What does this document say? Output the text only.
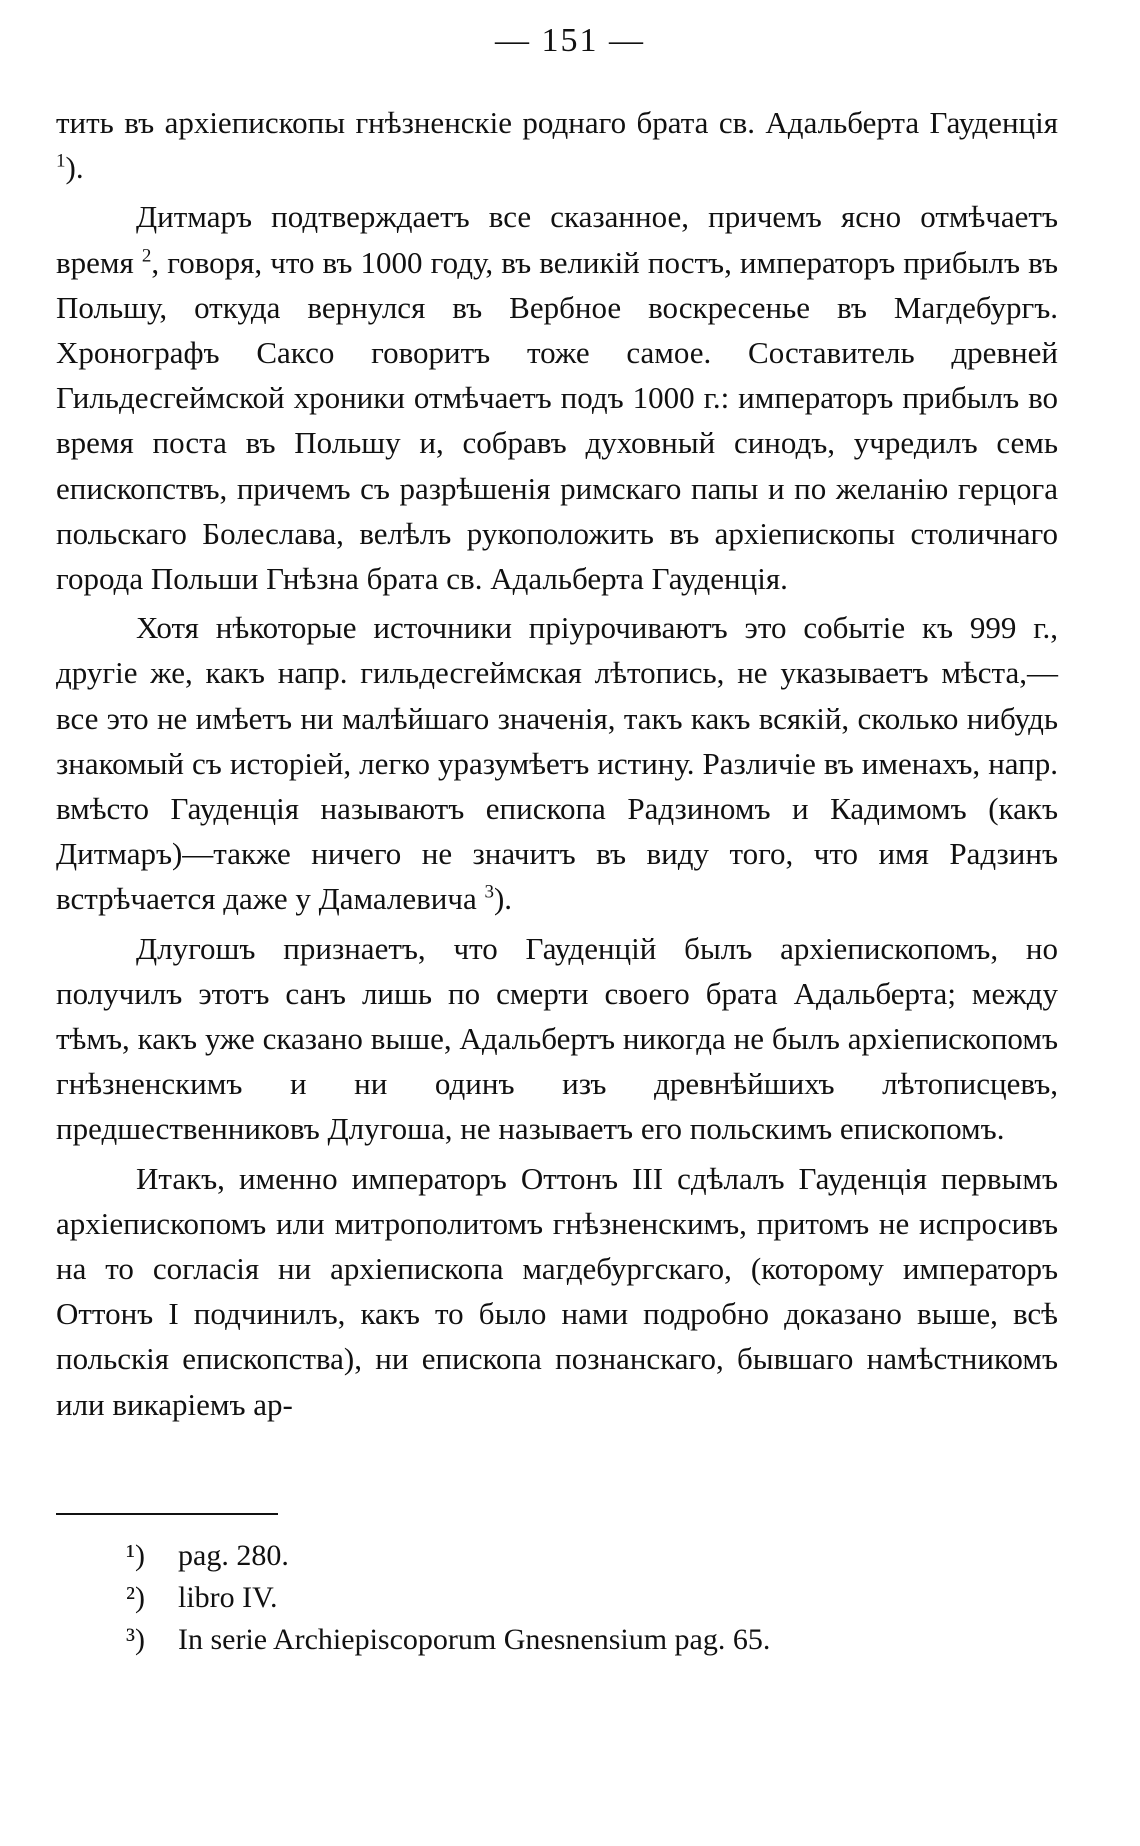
— 151 —

тить въ архіепископы гнѣзненскіе роднаго брата св. Адальберта Гауденція $^1$).

Дитмаръ подтверждаетъ все сказанное, причемъ ясно отмѣчаетъ время $^2$, говоря, что въ 1000 году, въ великій постъ, императоръ прибылъ въ Польшу, откуда вернулся въ Вербное воскресенье въ Магдебургъ. Хронографъ Саксо говоритъ тоже самое. Составитель древней Гильдесгеймской хроники отмѣчаетъ подъ 1000 г.: императоръ прибылъ во время поста въ Польшу и, собравъ духовный синодъ, учредилъ семь епископствъ, причемъ съ разрѣшенія римскаго папы и по желанію герцога польскаго Болеслава, велѣлъ рукоположить въ архіепископы столичнаго города Польши Гнѣзна брата св. Адальберта Гауденція.

Хотя нѣкоторые источники пріурочиваютъ это событіе къ 999 г., другіе же, какъ напр. гильдесгеймская лѣтопись, не указываетъ мѣста,—все это не имѣетъ ни малѣйшаго значенія, такъ какъ всякій, сколько нибудь знакомый съ исторіей, легко уразумѣетъ истину. Различіе въ именахъ, напр. вмѣсто Гауденція называютъ епископа Радзиномъ и Кадимомъ (какъ Дитмаръ)—также ничего не значитъ въ виду того, что имя Радзинъ встрѣчается даже у Дамалевича $^3$).

Длугошъ признаетъ, что Гауденцій былъ архіепископомъ, но получилъ этотъ санъ лишь по смерти своего брата Адальберта; между тѣмъ, какъ уже сказано выше, Адальбертъ никогда не былъ архіепископомъ гнѣзненскимъ и ни одинъ изъ древнѣйшихъ лѣтописцевъ, предшественниковъ Длугоша, не называетъ его польскимъ епископомъ.

Итакъ, именно императоръ Оттонъ III сдѣлалъ Гауденція первымъ архіепископомъ или митрополитомъ гнѣзненскимъ, притомъ не испросивъ на то согласія ни архіепископа магдебургскаго, (которому императоръ Оттонъ I подчинилъ, какъ то было нами подробно доказано выше, всѣ польскія епископства), ни епископа познанскаго, бывшаго намѣстникомъ или викаріемъ ар-

¹)	pag. 280.
²)	libro IV.
³)	In serie Archiepiscoporum Gnesnensium pag. 65.
